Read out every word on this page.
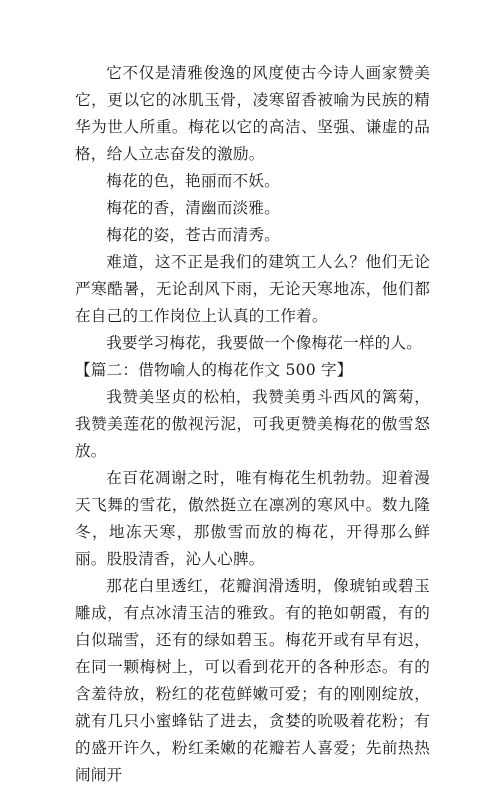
它不仅是清雅俊逸的风度使古今诗人画家赞美它，更以它的冰肌玉骨，凌寒留香被喻为民族的精华为世人所重。梅花以它的高洁、坚强、谦虚的品格，给人立志奋发的激励。

梅花的色，艳丽而不妖。

梅花的香，清幽而淡雅。

梅花的姿，苍古而清秀。

难道，这不正是我们的建筑工人么？他们无论严寒酷暑，无论刮风下雨，无论天寒地冻，他们都在自己的工作岗位上认真的工作着。

我要学习梅花，我要做一个像梅花一样的人。

【篇二：借物喻人的梅花作文 500 字】

我赞美坚贞的松柏，我赞美勇斗西风的篱菊，我赞美莲花的傲视污泥，可我更赞美梅花的傲雪怒放。

在百花凋谢之时，唯有梅花生机勃勃。迎着漫天飞舞的雪花，傲然挺立在凛冽的寒风中。数九隆冬，地冻天寒，那傲雪而放的梅花，开得那么鲜丽。股股清香，沁人心脾。

那花白里透红，花瓣润滑透明，像琥铂或碧玉雕成，有点冰清玉洁的雅致。有的艳如朝霞，有的白似瑞雪，还有的绿如碧玉。梅花开或有早有迟，在同一颗梅树上，可以看到花开的各种形态。有的含羞待放，粉红的花苞鲜嫩可爱；有的刚刚绽放，就有几只小蜜蜂钻了进去，贪婪的吮吸着花粉；有的盛开许久，粉红柔嫩的花瓣若人喜爱；先前热热闹闹开
